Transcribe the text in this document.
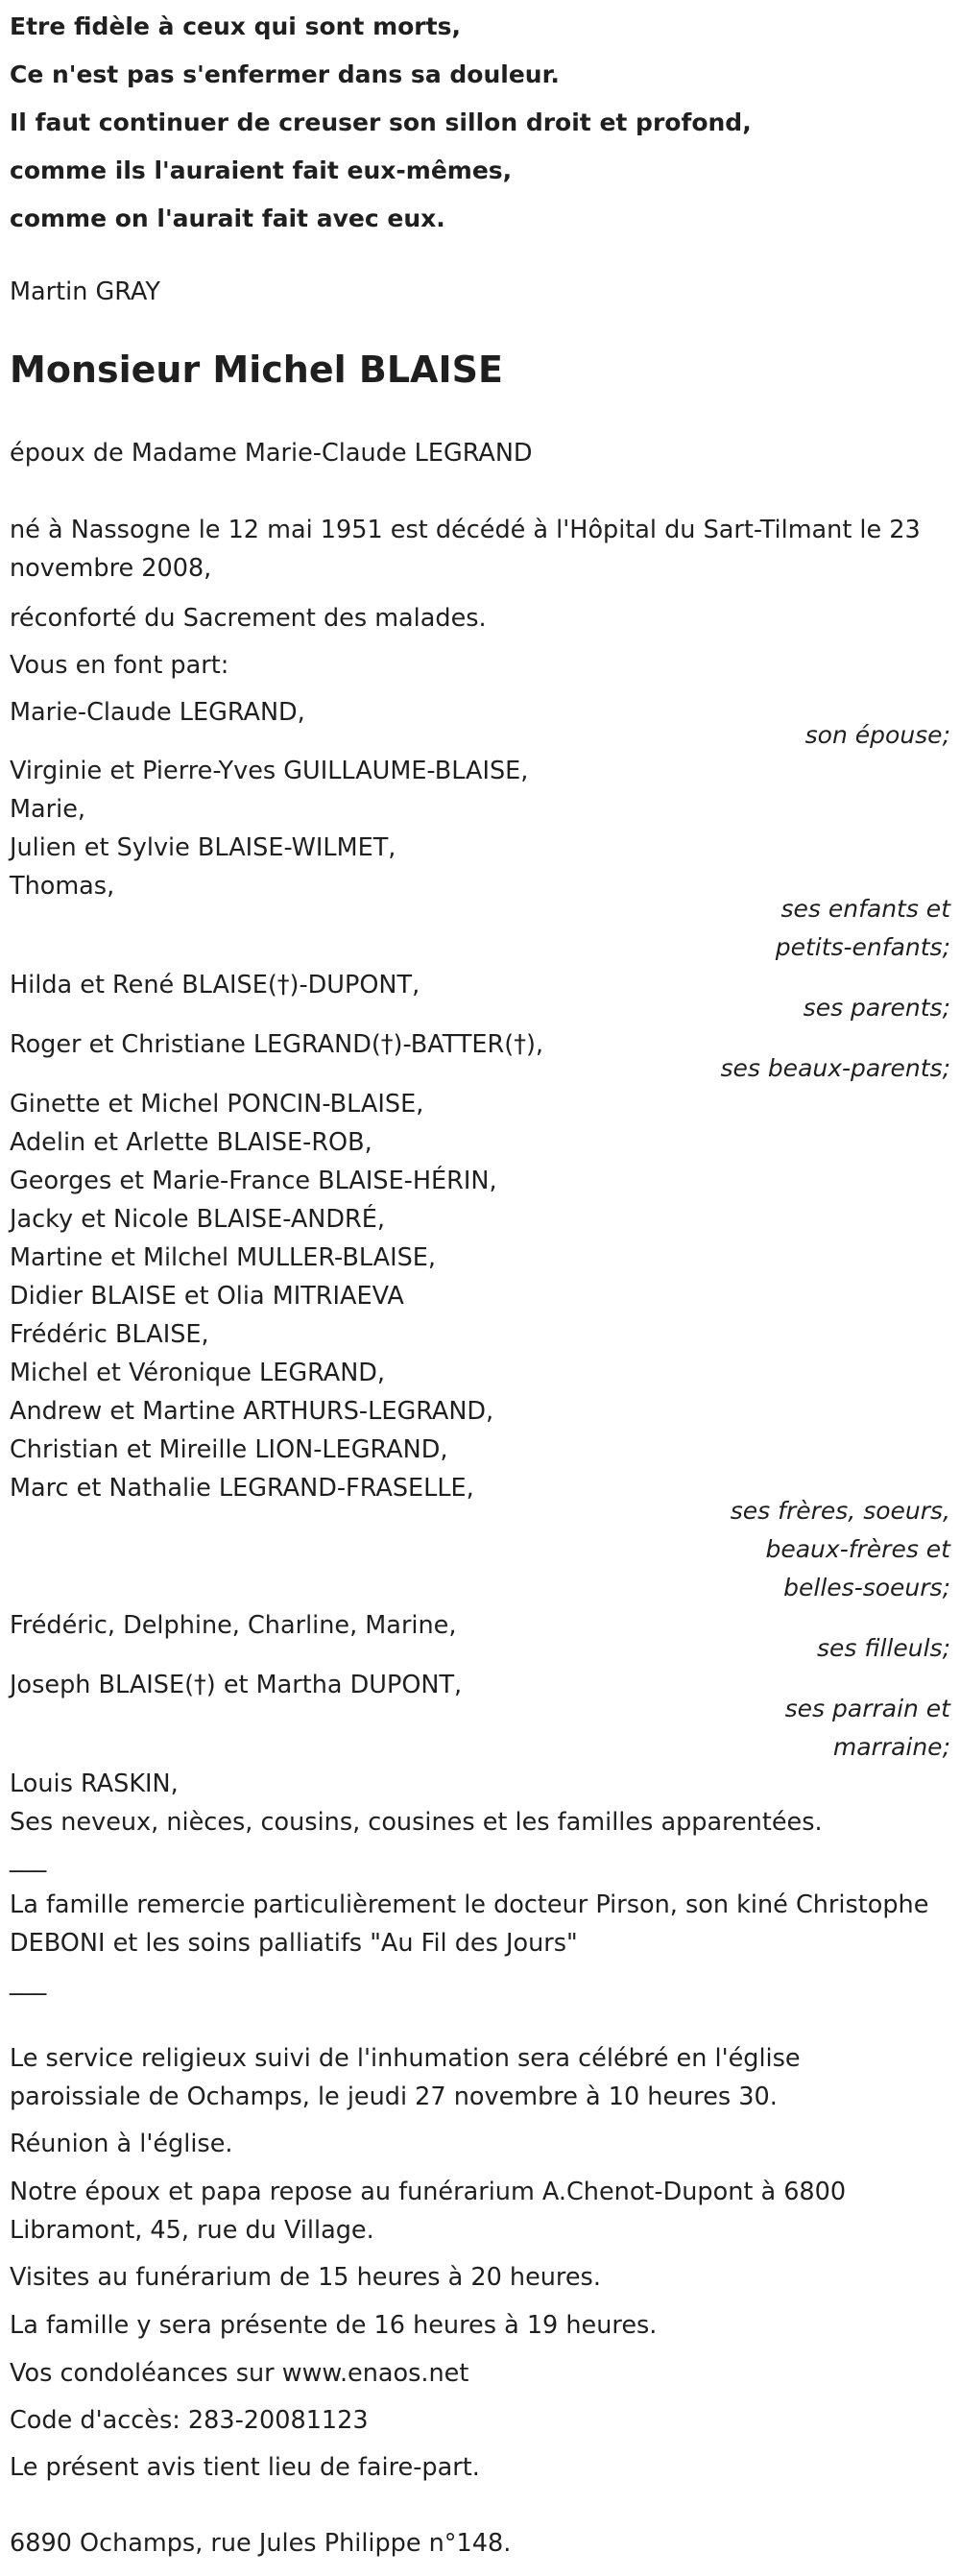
Etre fidèle à ceux qui sont morts,

Ce n'est pas s'enfermer dans sa douleur.

Il faut continuer de creuser son sillon droit et profond,

comme ils l'auraient fait eux-mêmes,

comme on l'aurait fait avec eux.

Martin GRAY

Monsieur Michel BLAISE

époux de Madame Marie-Claude LEGRAND

né à Nassogne le 12 mai 1951 est décédé à l'Hôpital du Sart-Tilmant le 23 novembre 2008,

réconforté du Sacrement des malades.

Vous en font part:

Marie-Claude LEGRAND,

son épouse;

Virginie et Pierre-Yves GUILLAUME-BLAISE,

Marie,

Julien et Sylvie BLAISE-WILMET,

Thomas,

ses enfants et

petits-enfants;

Hilda et René BLAISE(†)-DUPONT,

ses parents;

Roger et Christiane LEGRAND(†)-BATTER(†),

ses beaux-parents;

Ginette et Michel PONCIN-BLAISE,

Adelin et Arlette BLAISE-ROB,

Georges et Marie-France BLAISE-HÉRIN,

Jacky et Nicole BLAISE-ANDRÉ,

Martine et Milchel MULLER-BLAISE,

Didier BLAISE et Olia MITRIAEVA

Frédéric BLAISE,

Michel et Véronique LEGRAND,

Andrew et Martine ARTHURS-LEGRAND,

Christian et Mireille LION-LEGRAND,

Marc et Nathalie LEGRAND-FRASELLE,

ses frères, soeurs,

beaux-frères et

belles-soeurs;

Frédéric, Delphine, Charline, Marine,

ses filleuls;

Joseph BLAISE(†) et Martha DUPONT,

ses parrain et

marraine;

Louis RASKIN,

Ses neveux, nièces, cousins, cousines et les familles apparentées.

___

La famille remercie particulièrement le docteur Pirson, son kiné Christophe DEBONI et les soins palliatifs "Au Fil des Jours"

___

Le service religieux suivi de l'inhumation sera célébré en l'église paroissiale de Ochamps, le jeudi 27 novembre à 10 heures 30.

Réunion à l'église.

Notre époux et papa repose au funérarium A.Chenot-Dupont à 6800 Libramont, 45, rue du Village.

Visites au funérarium de 15 heures à 20 heures.

La famille y sera présente de 16 heures à 19 heures.

Vos condoléances sur www.enaos.net

Code d'accès: 283-20081123

Le présent avis tient lieu de faire-part.

6890 Ochamps, rue Jules Philippe n°148.
